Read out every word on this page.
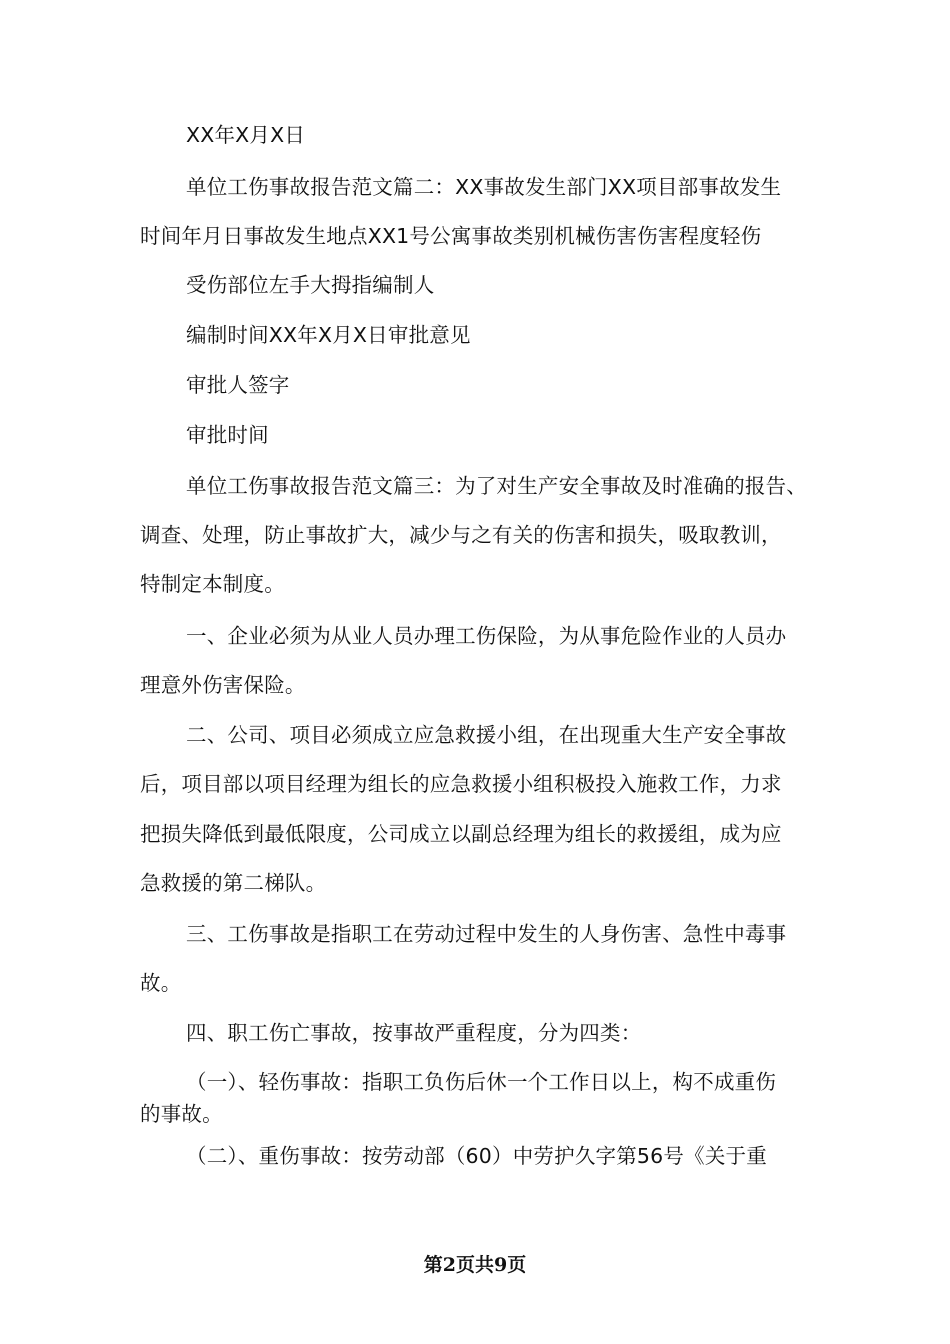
XX年X月X日
单位工伤事故报告范文篇二：XX事故发生部门XX项目部事故发生
时间年月日事故发生地点XX1号公寓事故类别机械伤害伤害程度轻伤
受伤部位左手大拇指编制人
编制时间XX年X月X日审批意见
审批人签字
审批时间
单位工伤事故报告范文篇三：为了对生产安全事故及时准确的报告、
调查、处理，防止事故扩大，减少与之有关的伤害和损失，吸取教训，
特制定本制度。
一、企业必须为从业人员办理工伤保险，为从事危险作业的人员办
理意外伤害保险。
二、公司、项目必须成立应急救援小组，在出现重大生产安全事故
后，项目部以项目经理为组长的应急救援小组积极投入施救工作，力求
把损失降低到最低限度，公司成立以副总经理为组长的救援组，成为应
急救援的第二梯队。
三、工伤事故是指职工在劳动过程中发生的人身伤害、急性中毒事
故。
四、职工伤亡事故，按事故严重程度，分为四类：
（一）、轻伤事故：指职工负伤后休一个工作日以上，构不成重伤
的事故。
（二）、重伤事故：按劳动部（60）中劳护久字第56号《关于重
第2页共9页
